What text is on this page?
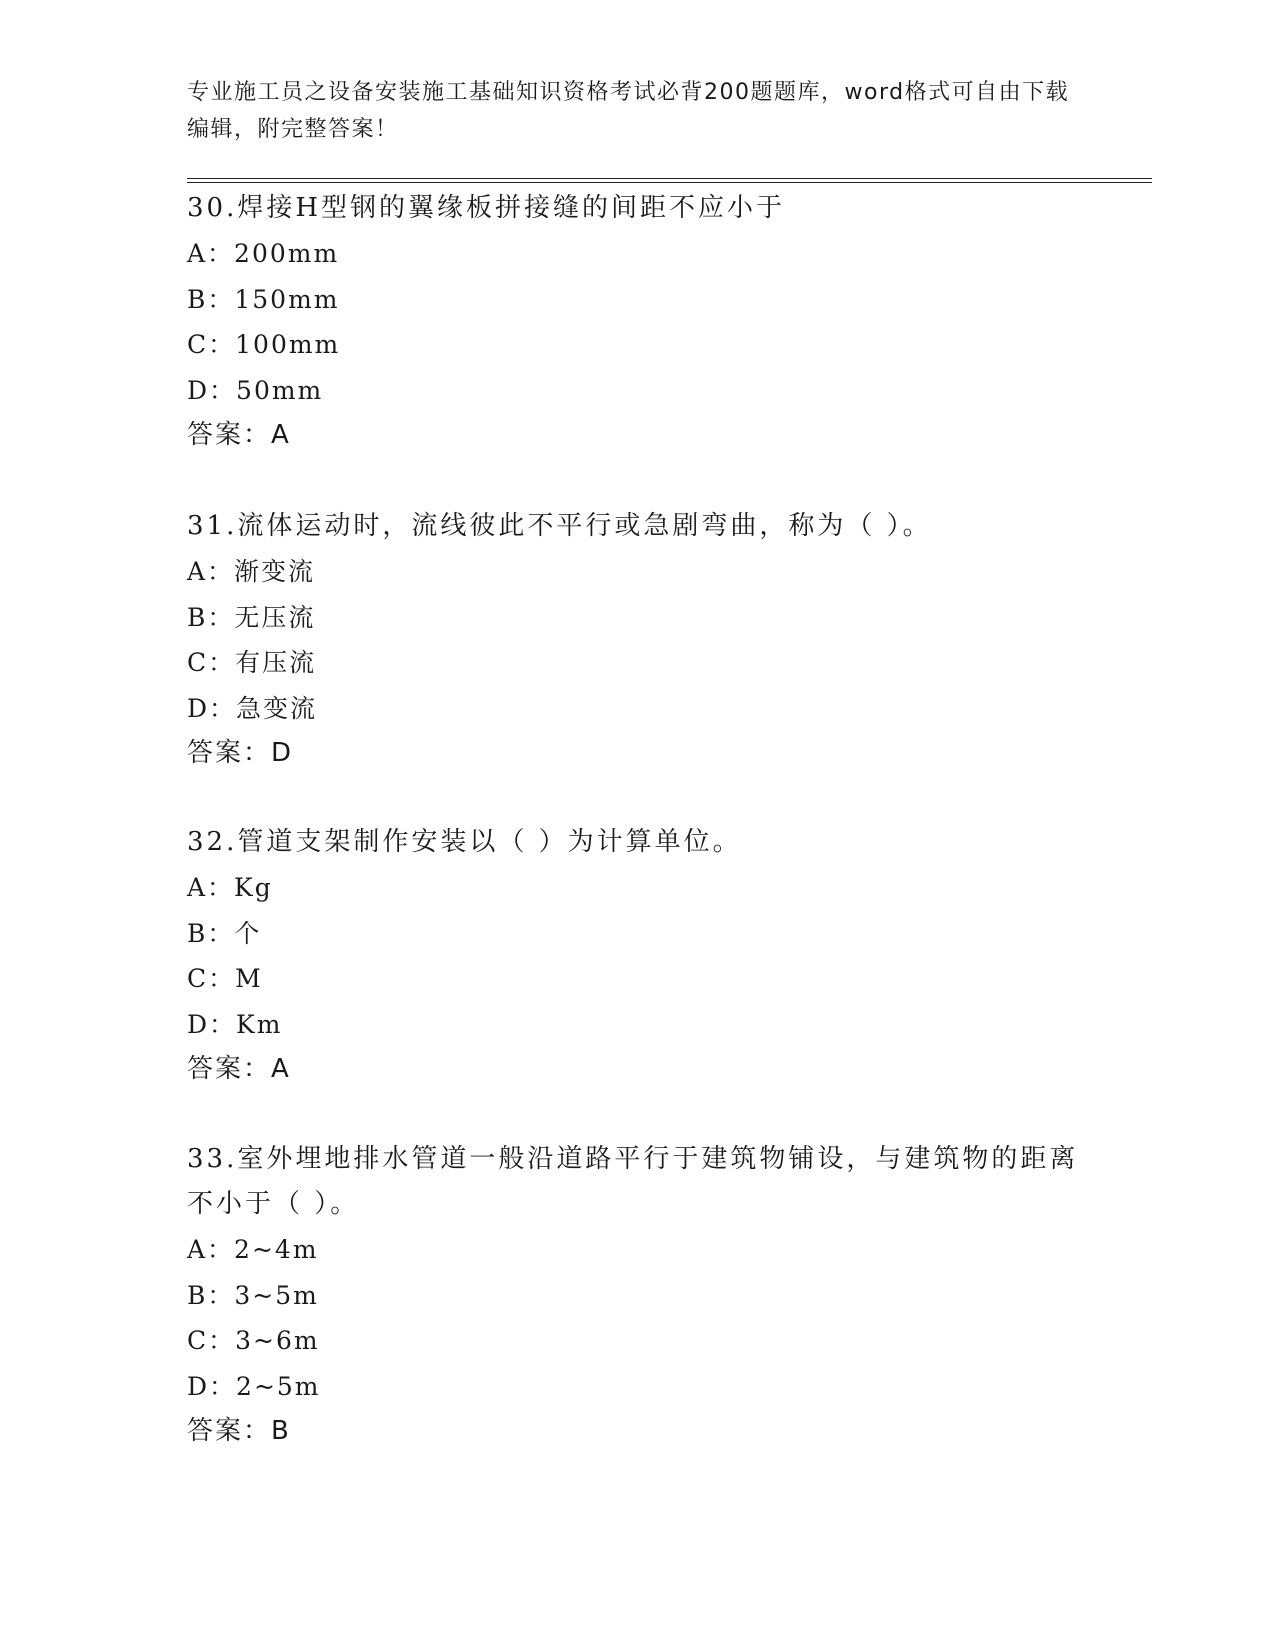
专业施工员之设备安装施工基础知识资格考试必背200题题库，word格式可自由下载编辑，附完整答案！
30.焊接H型钢的翼缘板拼接缝的间距不应小于
A：200mm
B：150mm
C：100mm
D：50mm
答案：A
31.流体运动时，流线彼此不平行或急剧弯曲，称为（ ）。
A：渐变流
B：无压流
C：有压流
D：急变流
答案：D
32.管道支架制作安装以（ ）为计算单位。
A：Kg
B：个
C：M
D：Km
答案：A
33.室外埋地排水管道一般沿道路平行于建筑物铺设，与建筑物的距离不小于（ ）。
A：2~4m
B：3~5m
C：3~6m
D：2~5m
答案：B
